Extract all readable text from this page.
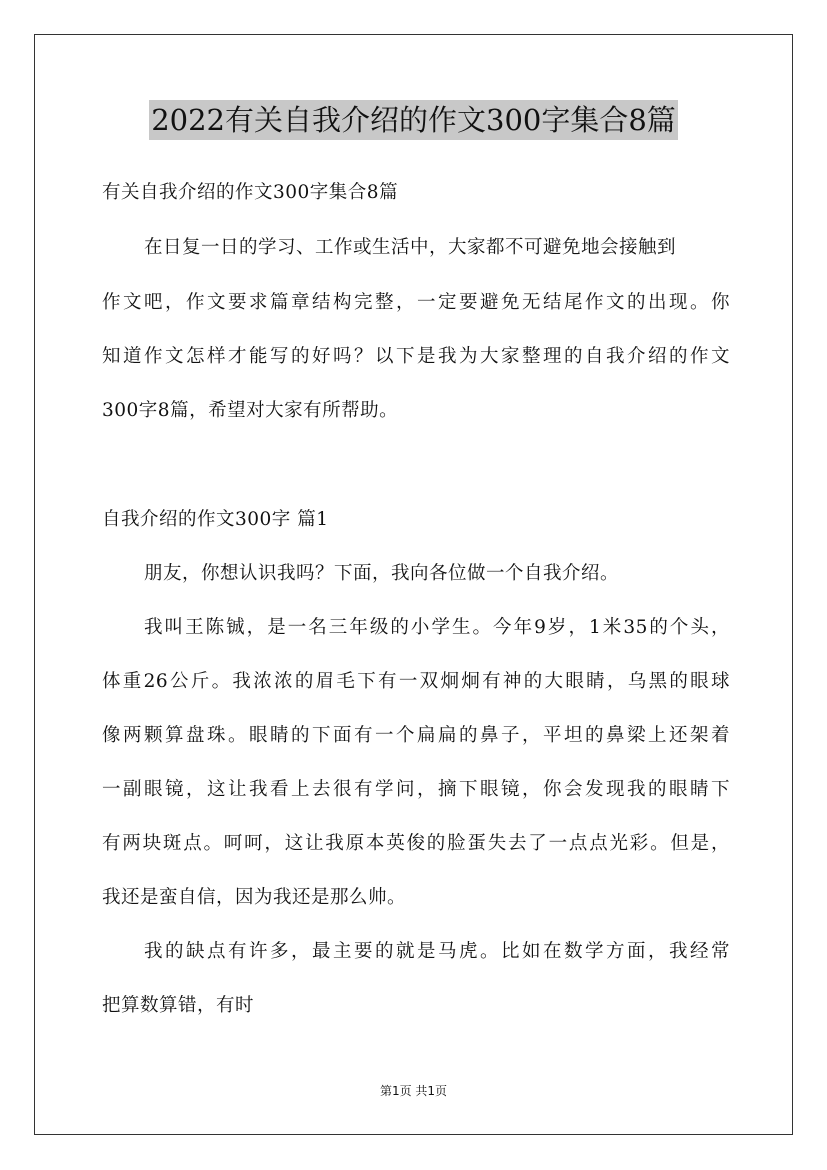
2022有关自我介绍的作文300字集合8篇
有关自我介绍的作文300字集合8篇
在日复一日的学习、工作或生活中，大家都不可避免地会接触到
作文吧，作文要求篇章结构完整，一定要避免无结尾作文的出现。你
知道作文怎样才能写的好吗？以下是我为大家整理的自我介绍的作文
300字8篇，希望对大家有所帮助。
自我介绍的作文300字 篇1
朋友，你想认识我吗？下面，我向各位做一个自我介绍。
我叫王陈铖，是一名三年级的小学生。今年9岁，1米35的个头，
体重26公斤。我浓浓的眉毛下有一双炯炯有神的大眼睛，乌黑的眼球
像两颗算盘珠。眼睛的下面有一个扁扁的鼻子，平坦的鼻梁上还架着
一副眼镜，这让我看上去很有学问，摘下眼镜，你会发现我的眼睛下
有两块斑点。呵呵，这让我原本英俊的脸蛋失去了一点点光彩。但是，
我还是蛮自信，因为我还是那么帅。
我的缺点有许多，最主要的就是马虎。比如在数学方面，我经常
把算数算错，有时
第1页 共1页
